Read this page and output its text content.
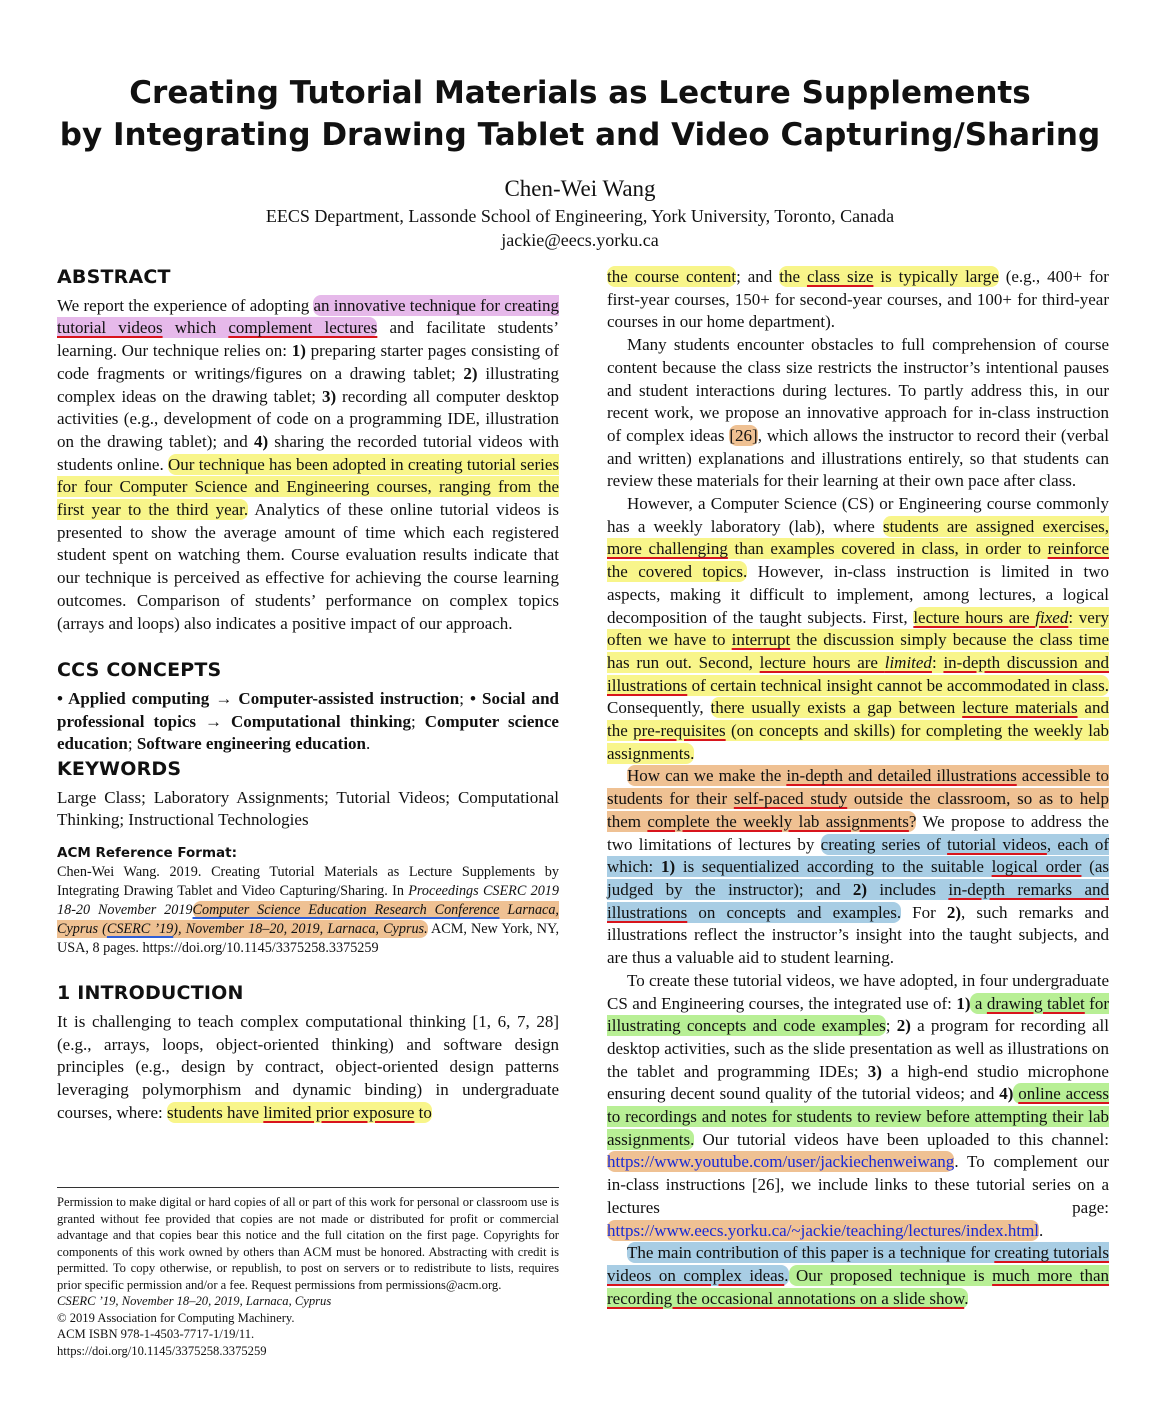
Creating Tutorial Materials as Lecture Supplements
by Integrating Drawing Tablet and Video Capturing/Sharing
Chen-Wei Wang
EECS Department, Lassonde School of Engineering, York University, Toronto, Canada
jackie@eecs.yorku.ca
ABSTRACT

We report the experience of adopting an innovative technique for creating tutorial videos which complement lectures and facilitate students’ learning. Our technique relies on: 1) preparing starter pages consisting of code fragments or writings/figures on a drawing tablet; 2) illustrating complex ideas on the drawing tablet; 3) recording all computer desktop activities (e.g., development of code on a programming IDE, illustration on the drawing tablet); and 4) sharing the recorded tutorial videos with students online. Our technique has been adopted in creating tutorial series for four Computer Science and Engineering courses, ranging from the first year to the third year. Analytics of these online tutorial videos is presented to show the average amount of time which each registered student spent on watching them. Course evaluation results indicate that our technique is perceived as effective for achieving the course learning outcomes. Comparison of students’ performance on complex topics (arrays and loops) also indicates a positive impact of our approach.

CCS CONCEPTS

• Applied computing → Computer-assisted instruction; • Social and professional topics → Computational thinking; Computer science education; Software engineering education.

KEYWORDS

Large Class; Laboratory Assignments; Tutorial Videos; Computational Thinking; Instructional Technologies

ACM Reference Format:

Chen-Wei Wang. 2019. Creating Tutorial Materials as Lecture Supplements by Integrating Drawing Tablet and Video Capturing/Sharing. In Proceedings CSERC 2019 18-20 November 2019Computer Science Education Research Conference Larnaca, Cyprus (CSERC ’19), November 18–20, 2019, Larnaca, Cyprus. ACM, New York, NY, USA, 8 pages. https://doi.org/10.1145/3375258.3375259

1 INTRODUCTION

It is challenging to teach complex computational thinking [1, 6, 7, 28] (e.g., arrays, loops, object-oriented thinking) and software design principles (e.g., design by contract, object-oriented design patterns leveraging polymorphism and dynamic binding) in undergraduate courses, where: students have limited prior exposure to

Permission to make digital or hard copies of all or part of this work for personal or classroom use is granted without fee provided that copies are not made or distributed for profit or commercial advantage and that copies bear this notice and the full citation on the first page. Copyrights for components of this work owned by others than ACM must be honored. Abstracting with credit is permitted. To copy otherwise, or republish, to post on servers or to redistribute to lists, requires prior specific permission and/or a fee. Request permissions from permissions@acm.org.

CSERC ’19, November 18–20, 2019, Larnaca, Cyprus

© 2019 Association for Computing Machinery.

ACM ISBN 978-1-4503-7717-1/19/11.

https://doi.org/10.1145/3375258.3375259

the course content; and the class size is typically large (e.g., 400+ for first-year courses, 150+ for second-year courses, and 100+ for third-year courses in our home department).

Many students encounter obstacles to full comprehension of course content because the class size restricts the instructor’s intentional pauses and student interactions during lectures. To partly address this, in our recent work, we propose an innovative approach for in-class instruction of complex ideas [26], which allows the instructor to record their (verbal and written) explanations and illustrations entirely, so that students can review these materials for their learning at their own pace after class.

However, a Computer Science (CS) or Engineering course commonly has a weekly laboratory (lab), where students are assigned exercises, more challenging than examples covered in class, in order to reinforce the covered topics. However, in-class instruction is limited in two aspects, making it difficult to implement, among lectures, a logical decomposition of the taught subjects. First, lecture hours are fixed: very often we have to interrupt the discussion simply because the class time has run out. Second, lecture hours are limited: in-depth discussion and illustrations of certain technical insight cannot be accommodated in class. Consequently, there usually exists a gap between lecture materials and the pre-requisites (on concepts and skills) for completing the weekly lab assignments.

How can we make the in-depth and detailed illustrations accessible to students for their self-paced study outside the classroom, so as to help them complete the weekly lab assignments? We propose to address the two limitations of lectures by creating series of tutorial videos, each of which: 1) is sequentialized according to the suitable logical order (as judged by the instructor); and 2) includes in-depth remarks and illustrations on concepts and examples. For 2), such remarks and illustrations reflect the instructor’s insight into the taught subjects, and are thus a valuable aid to student learning.

To create these tutorial videos, we have adopted, in four undergraduate CS and Engineering courses, the integrated use of: 1) a drawing tablet for illustrating concepts and code examples; 2) a program for recording all desktop activities, such as the slide presentation as well as illustrations on the tablet and programming IDEs; 3) a high-end studio microphone ensuring decent sound quality of the tutorial videos; and 4) online access to recordings and notes for students to review before attempting their lab assignments. Our tutorial videos have been uploaded to this channel: https://www.youtube.com/user/jackiechenweiwang. To complement our in-class instructions [26], we include links to these tutorial series on a lectures page: https://www.eecs.yorku.ca/~jackie/teaching/lectures/index.html.

The main contribution of this paper is a technique for creating tutorials videos on complex ideas. Our proposed technique is much more than recording the occasional annotations on a slide show.
